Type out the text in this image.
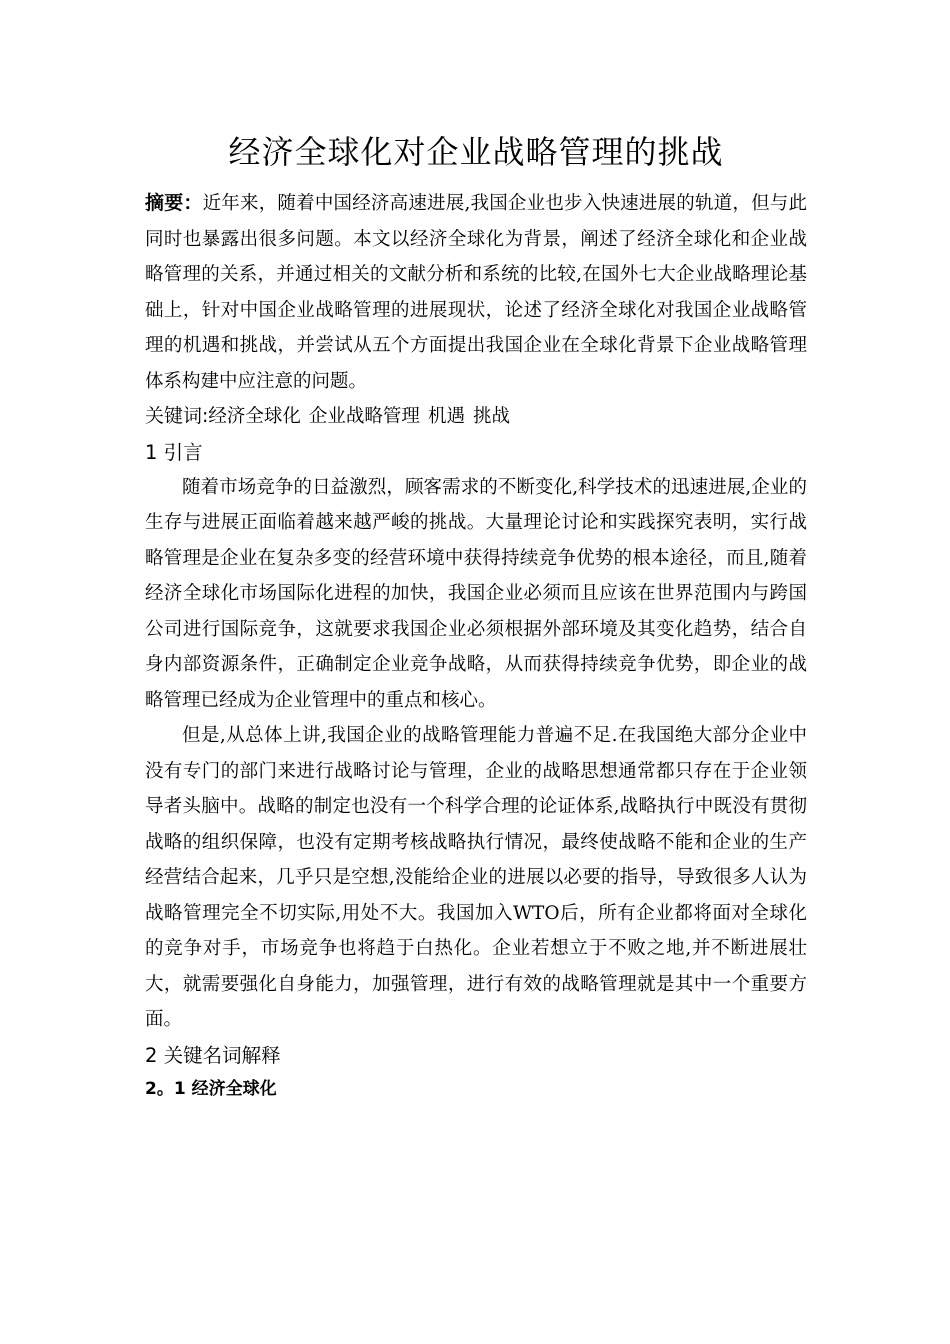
经济全球化对企业战略管理的挑战

摘要：近年来，随着中国经济高速进展,我国企业也步入快速进展的轨道，但与此同时也暴露出很多问题。本文以经济全球化为背景，阐述了经济全球化和企业战略管理的关系，并通过相关的文献分析和系统的比较,在国外七大企业战略理论基础上，针对中国企业战略管理的进展现状，论述了经济全球化对我国企业战略管理的机遇和挑战，并尝试从五个方面提出我国企业在全球化背景下企业战略管理体系构建中应注意的问题。

关键词:经济全球化 企业战略管理 机遇 挑战

1 引言

随着市场竞争的日益激烈，顾客需求的不断变化,科学技术的迅速进展,企业的生存与进展正面临着越来越严峻的挑战。大量理论讨论和实践探究表明，实行战略管理是企业在复杂多变的经营环境中获得持续竞争优势的根本途径，而且,随着经济全球化市场国际化进程的加快，我国企业必须而且应该在世界范围内与跨国公司进行国际竞争，这就要求我国企业必须根据外部环境及其变化趋势，结合自身内部资源条件，正确制定企业竞争战略，从而获得持续竞争优势，即企业的战略管理已经成为企业管理中的重点和核心。

但是,从总体上讲,我国企业的战略管理能力普遍不足.在我国绝大部分企业中没有专门的部门来进行战略讨论与管理，企业的战略思想通常都只存在于企业领导者头脑中。战略的制定也没有一个科学合理的论证体系,战略执行中既没有贯彻战略的组织保障，也没有定期考核战略执行情况，最终使战略不能和企业的生产经营结合起来，几乎只是空想,没能给企业的进展以必要的指导，导致很多人认为战略管理完全不切实际,用处不大。我国加入WTO后，所有企业都将面对全球化的竞争对手，市场竞争也将趋于白热化。企业若想立于不败之地,并不断进展壮大，就需要强化自身能力，加强管理，进行有效的战略管理就是其中一个重要方面。

2 关键名词解释
2。1 经济全球化
